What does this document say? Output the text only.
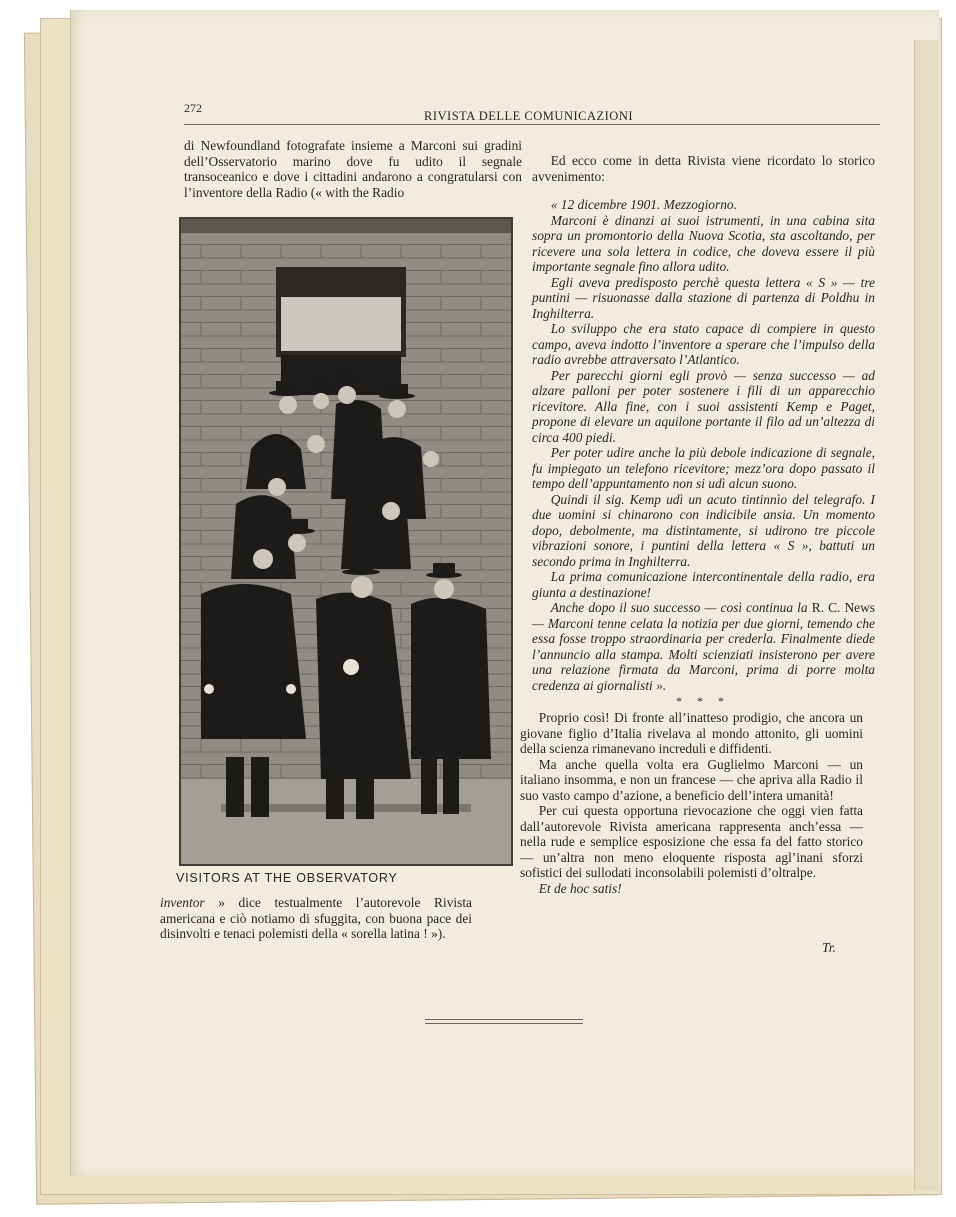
272
RIVISTA DELLE COMUNICAZIONI

di Newfoundland fotografate insieme a Marconi sui gradini dell’Osservatorio marino dove fu udito il segnale transoceanico e dove i cittadini andarono a congratularsi con l’inventore della Radio (« with the Radio

VISITORS AT THE OBSERVATORY

inventor » dice testualmente l’autorevole Rivista americana e ciò notiamo di sfuggita, con buona pace dei disinvolti e tenaci polemisti della « sorella latina ! »).

Ed ecco come in detta Rivista viene ricordato lo storico avvenimento:

« 12 dicembre 1901. Mezzogiorno.

Marconi è dinanzi ai suoi istrumenti, in una cabina sita sopra un promontorio della Nuova Scotia, sta ascoltando, per ricevere una sola lettera in codice, che doveva essere il più importante segnale fino allora udito.

Egli aveva predisposto perchè questa lettera « S » — tre puntini — risuonasse dalla stazione di partenza di Poldhu in Inghilterra.

Lo sviluppo che era stato capace di compiere in questo campo, aveva indotto l’inventore a sperare che l’impulso della radio avrebbe attraversato l’Atlantico.

Per parecchi giorni egli provò — senza successo — ad alzare palloni per poter sostenere i fili di un apparecchio ricevitore. Alla fine, con i suoi assistenti Kemp e Paget, propone di elevare un aquilone portante il filo ad un’altezza di circa 400 piedi.

Per poter udire anche la più debole indicazione di segnale, fu impiegato un telefono ricevitore; mezz’ora dopo passato il tempo dell’appuntamento non si udì alcun suono.

Quindi il sig. Kemp udì un acuto tintinnìo del telegrafo. I due uomini si chinarono con indicibile ansia. Un momento dopo, debolmente, ma distintamente, si udirono tre piccole vibrazioni sonore, i puntini della lettera « S », battuti un secondo prima in Inghilterra.

La prima comunicazione intercontinentale della radio, era giunta a destinazione!

Anche dopo il suo successo — così continua la R. C. News — Marconi tenne celata la notizia per due giorni, temendo che essa fosse troppo straordinaria per crederla. Finalmente diede l’annuncio alla stampa. Molti scienziati insisterono per avere una relazione firmata da Marconi, prima di porre molta credenza ai giornalisti ».

* * *

Proprio così! Di fronte all’inatteso prodigio, che ancora un giovane figlio d’Italia rivelava al mondo attonito, gli uomini della scienza rimanevano increduli e diffidenti.

Ma anche quella volta era Guglielmo Marconi — un italiano insomma, e non un francese — che apriva alla Radio il suo vasto campo d’azione, a beneficio dell’intera umanità!

Per cui questa opportuna rievocazione che oggi vien fatta dall’autorevole Rivista americana rappresenta anch’essa — nella rude e semplice esposizione che essa fa del fatto storico — un’altra non meno eloquente risposta agl’inani sforzi sofistici dei sullodati inconsolabili polemisti d’oltralpe.

Et de hoc satis!

Tr.
